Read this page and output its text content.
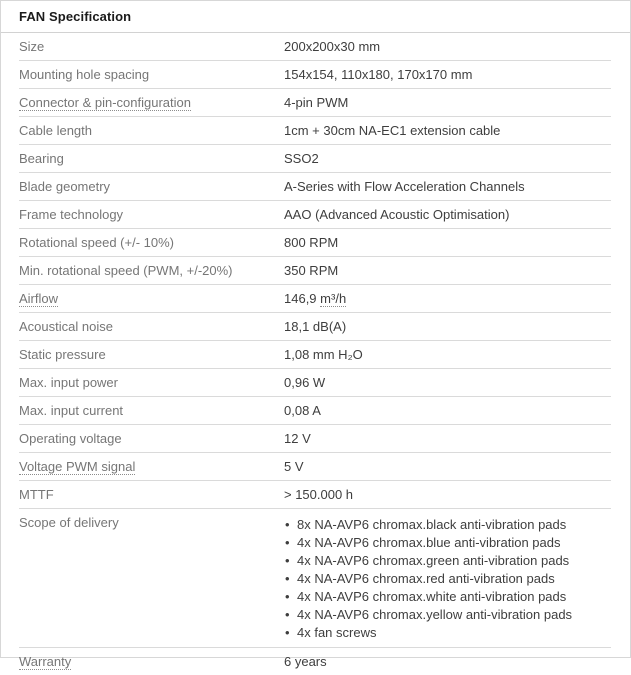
FAN Specification
Size	200x200x30 mm
Mounting hole spacing	154x154, 110x180, 170x170 mm
Connector & pin-configuration	4-pin PWM
Cable length	1cm + 30cm NA-EC1 extension cable
Bearing	SSO2
Blade geometry	A-Series with Flow Acceleration Channels
Frame technology	AAO (Advanced Acoustic Optimisation)
Rotational speed (+/- 10%)	800 RPM
Min. rotational speed (PWM, +/-20%)	350 RPM
Airflow	146,9 m³/h
Acoustical noise	18,1 dB(A)
Static pressure	1,08 mm H₂O
Max. input power	0,96 W
Max. input current	0,08 A
Operating voltage	12 V
Voltage PWM signal	5 V
MTTF	> 150.000 h
Scope of delivery	• 8x NA-AVP6 chromax.black anti-vibration pads
• 4x NA-AVP6 chromax.blue anti-vibration pads
• 4x NA-AVP6 chromax.green anti-vibration pads
• 4x NA-AVP6 chromax.red anti-vibration pads
• 4x NA-AVP6 chromax.white anti-vibration pads
• 4x NA-AVP6 chromax.yellow anti-vibration pads
• 4x fan screws
Warranty	6 years
